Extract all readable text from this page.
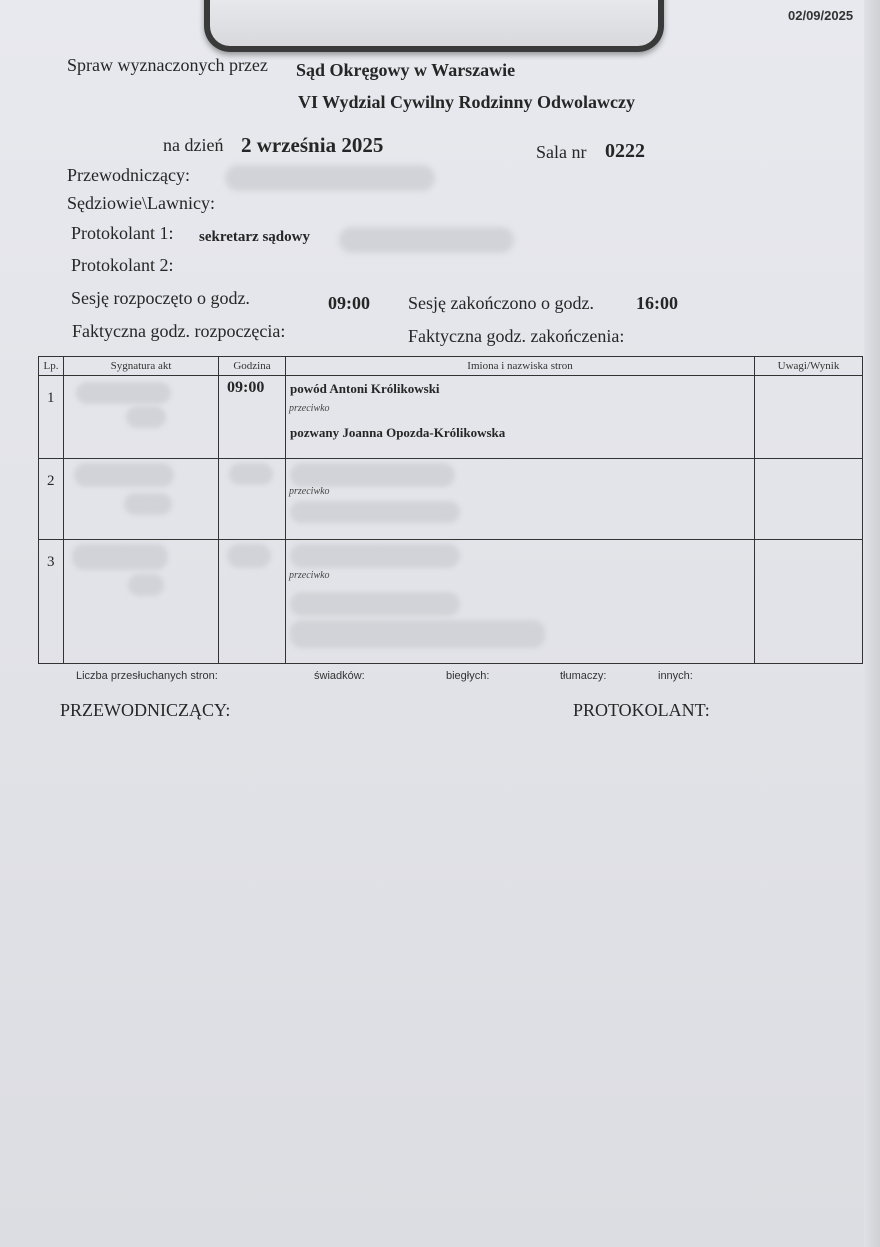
02/09/2025
Spraw wyznaczonych przez Sąd Okręgowy w Warszawie
VI Wydzial Cywilny Rodzinny Odwolawczy
na dzień 2 września 2025	Sala nr 0222
Przewodniczący:
Sędziowie\Lawnicy:
Protokolant 1: sekretarz sądowy
Protokolant 2:
Sesję rozpoczęto o godz.	09:00 Sesję zakończono o godz. 16:00
Faktyczna godz. rozpoczęcia:	Faktyczna godz. zakończenia:
Lp.	Sygnatura akt	Godzina	Imiona i nazwiska stron	Uwagi/Wynik

1		09:00	powód Antoni Królikowski
przeciwko
pozwany Joanna Opozda-Królikowska	

2			przeciwko	

3			przeciwko	

Liczba przesłuchanych stron:	świadków:	biegłych:	tłumaczy:	innych:
PRZEWODNICZĄCY:	PROTOKOLANT:
